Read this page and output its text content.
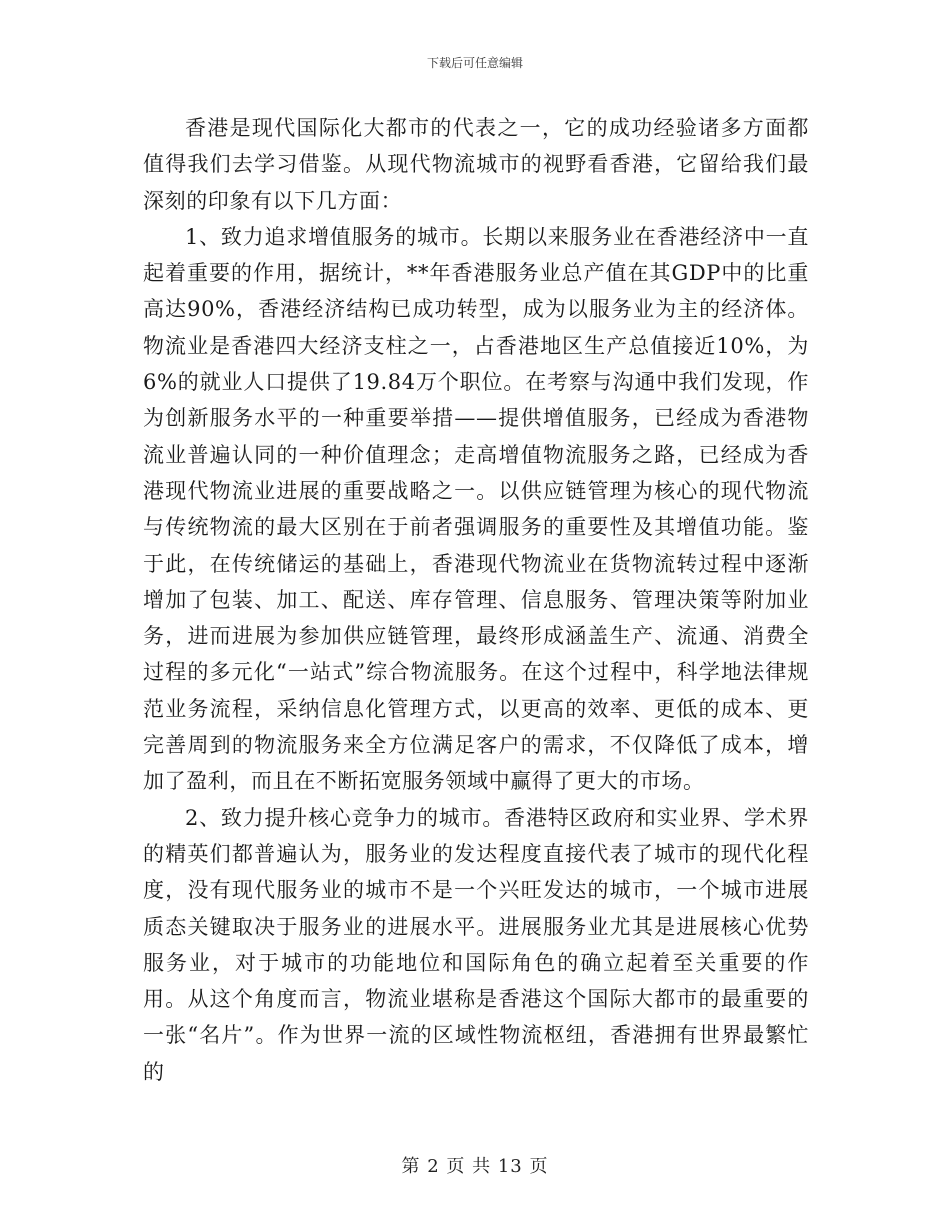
下载后可任意编辑

香港是现代国际化大都市的代表之一，它的成功经验诸多方面都值得我们去学习借鉴。从现代物流城市的视野看香港，它留给我们最深刻的印象有以下几方面：

1、致力追求增值服务的城市。长期以来服务业在香港经济中一直起着重要的作用，据统计，**年香港服务业总产值在其GDP中的比重高达90%，香港经济结构已成功转型，成为以服务业为主的经济体。物流业是香港四大经济支柱之一，占香港地区生产总值接近10%，为6%的就业人口提供了19.84万个职位。在考察与沟通中我们发现，作为创新服务水平的一种重要举措——提供增值服务，已经成为香港物流业普遍认同的一种价值理念；走高增值物流服务之路，已经成为香港现代物流业进展的重要战略之一。以供应链管理为核心的现代物流与传统物流的最大区别在于前者强调服务的重要性及其增值功能。鉴于此，在传统储运的基础上，香港现代物流业在货物流转过程中逐渐增加了包装、加工、配送、库存管理、信息服务、管理决策等附加业务，进而进展为参加供应链管理，最终形成涵盖生产、流通、消费全过程的多元化“一站式”综合物流服务。在这个过程中，科学地法律规范业务流程，采纳信息化管理方式，以更高的效率、更低的成本、更完善周到的物流服务来全方位满足客户的需求，不仅降低了成本，增加了盈利，而且在不断拓宽服务领域中赢得了更大的市场。

2、致力提升核心竞争力的城市。香港特区政府和实业界、学术界的精英们都普遍认为，服务业的发达程度直接代表了城市的现代化程度，没有现代服务业的城市不是一个兴旺发达的城市，一个城市进展质态关键取决于服务业的进展水平。进展服务业尤其是进展核心优势服务业，对于城市的功能地位和国际角色的确立起着至关重要的作用。从这个角度而言，物流业堪称是香港这个国际大都市的最重要的一张“名片”。作为世界一流的区域性物流枢纽，香港拥有世界最繁忙的

第 2 页 共 13 页
